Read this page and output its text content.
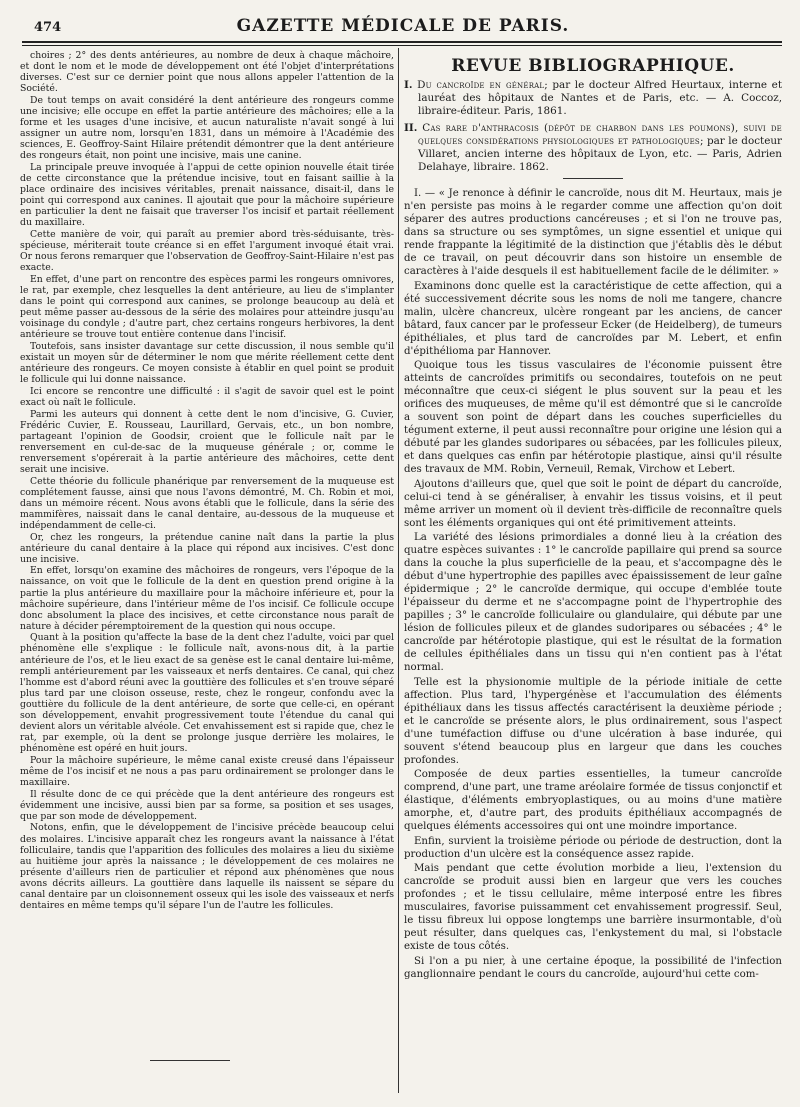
474	GAZETTE MÉDICALE DE PARIS.

choires ; 2° des dents antérieures, au nombre de deux à chaque mâchoire, et dont le nom et le mode de développement ont été l'objet d'interprétations diverses. C'est sur ce dernier point que nous allons appeler l'attention de la Société.

De tout temps on avait considéré la dent antérieure des rongeurs comme une incisive; elle occupe en effet la partie antérieure des mâchoires; elle a la forme et les usages d'une incisive, et aucun naturaliste n'avait songé à lui assigner un autre nom, lorsqu'en 1831, dans un mémoire à l'Académie des sciences, E. Geoffroy-Saint Hilaire prétendit démontrer que la dent antérieure des rongeurs était, non point une incisive, mais une canine.

La principale preuve invoquée à l'appui de cette opinion nouvelle était tirée de cette circonstance que la prétendue incisive, tout en faisant saillie à la place ordinaire des incisives véritables, prenait naissance, disait-il, dans le point qui correspond aux canines. Il ajoutait que pour la mâchoire supérieure en particulier la dent ne faisait que traverser l'os incisif et partait réellement du maxillaire.

Cette manière de voir, qui paraît au premier abord très-séduisante, très-spécieuse, mériterait toute créance si en effet l'argument invoqué était vrai. Or nous ferons remarquer que l'observation de Geoffroy-Saint-Hilaire n'est pas exacte.

En effet, d'une part on rencontre des espèces parmi les rongeurs omnivores, le rat, par exemple, chez lesquelles la dent antérieure, au lieu de s'implanter dans le point qui correspond aux canines, se prolonge beaucoup au delà et peut même passer au-dessous de la série des molaires pour atteindre jusqu'au voisinage du condyle ; d'autre part, chez certains rongeurs herbivores, la dent antérieure se trouve tout entière contenue dans l'incisif.

Toutefois, sans insister davantage sur cette discussion, il nous semble qu'il existait un moyen sûr de déterminer le nom que mérite réellement cette dent antérieure des rongeurs. Ce moyen consiste à établir en quel point se produit le follicule qui lui donne naissance.

Ici encore se rencontre une difficulté : il s'agit de savoir quel est le point exact où naît le follicule.

Parmi les auteurs qui donnent à cette dent le nom d'incisive, G. Cuvier, Frédéric Cuvier, E. Rousseau, Laurillard, Gervais, etc., un bon nombre, partageant l'opinion de Goodsir, croient que le follicule naît par le renversement en cul-de-sac de la muqueuse générale ; or, comme le renversement s'opérerait à la partie antérieure des mâchoires, cette dent serait une incisive.

Cette théorie du follicule phanérique par renversement de la muqueuse est complétement fausse, ainsi que nous l'avons démontré, M. Ch. Robin et moi, dans un mémoire récent. Nous avons établi que le follicule, dans la série des mammifères, naissait dans le canal dentaire, au-dessous de la muqueuse et indépendamment de celle-ci.

Or, chez les rongeurs, la prétendue canine naît dans la partie la plus antérieure du canal dentaire à la place qui répond aux incisives. C'est donc une incisive.

En effet, lorsqu'on examine des mâchoires de rongeurs, vers l'époque de la naissance, on voit que le follicule de la dent en question prend origine à la partie la plus antérieure du maxillaire pour la mâchoire inférieure et, pour la mâchoire supérieure, dans l'intérieur même de l'os incisif. Ce follicule occupe donc absolument la place des incisives, et cette circonstance nous paraît de nature à décider péremptoirement de la question qui nous occupe.

Quant à la position qu'affecte la base de la dent chez l'adulte, voici par quel phénomène elle s'explique : le follicule naît, avons-nous dit, à la partie antérieure de l'os, et le lieu exact de sa genèse est le canal dentaire lui-même, rempli antérieurement par les vaisseaux et nerfs dentaires. Ce canal, qui chez l'homme est d'abord réuni avec la gouttière des follicules et s'en trouve séparé plus tard par une cloison osseuse, reste, chez le rongeur, confondu avec la gouttière du follicule de la dent antérieure, de sorte que celle-ci, en opérant son développement, envahit progressivement toute l'étendue du canal qui devient alors un véritable alvéole. Cet envahissement est si rapide que, chez le rat, par exemple, où la dent se prolonge jusque derrière les molaires, le phénomène est opéré en huit jours.

Pour la mâchoire supérieure, le même canal existe creusé dans l'épaisseur même de l'os incisif et ne nous a pas paru ordinairement se prolonger dans le maxillaire.

Il résulte donc de ce qui précède que la dent antérieure des rongeurs est évidemment une incisive, aussi bien par sa forme, sa position et ses usages, que par son mode de développement.

Notons, enfin, que le développement de l'incisive précède beaucoup celui des molaires. L'incisive apparaît chez les rongeurs avant la naissance à l'état folliculaire, tandis que l'apparition des follicules des molaires a lieu du sixième au huitième jour après la naissance ; le développement de ces molaires ne présente d'ailleurs rien de particulier et répond aux phénomènes que nous avons décrits ailleurs. La gouttière dans laquelle ils naissent se sépare du canal dentaire par un cloisonnement osseux qui les isole des vaisseaux et nerfs dentaires en même temps qu'il sépare l'un de l'autre les follicules.

REVUE BIBLIOGRAPHIQUE.
I. Du cancroïde en général; par le docteur Alfred Heurtaux, interne et lauréat des hôpitaux de Nantes et de Paris, etc. — A. Coccoz, libraire-éditeur. Paris, 1861.
II. Cas rare d'anthracosis (dépôt de charbon dans les poumons), suivi de quelques considérations physiologiques et pathologiques; par le docteur Villaret, ancien interne des hôpitaux de Lyon, etc. — Paris, Adrien Delahaye, libraire. 1862.

I. — « Je renonce à définir le cancroïde, nous dit M. Heurtaux, mais je n'en persiste pas moins à le regarder comme une affection qu'on doit séparer des autres productions cancéreuses ; et si l'on ne trouve pas, dans sa structure ou ses symptômes, un signe essentiel et unique qui rende frappante la légitimité de la distinction que j'établis dès le début de ce travail, on peut découvrir dans son histoire un ensemble de caractères à l'aide desquels il est habituellement facile de le délimiter. »

Examinons donc quelle est la caractéristique de cette affection, qui a été successivement décrite sous les noms de noli me tangere, chancre malin, ulcère chancreux, ulcère rongeant par les anciens, de cancer bâtard, faux cancer par le professeur Ecker (de Heidelberg), de tumeurs épithéliales, et plus tard de cancroïdes par M. Lebert, et enfin d'épithélioma par Hannover.

Quoique tous les tissus vasculaires de l'économie puissent être atteints de cancroïdes primitifs ou secondaires, toutefois on ne peut méconnaître que ceux-ci siégent le plus souvent sur la peau et les orifices des muqueuses, de même qu'il est démontré que si le cancroïde a souvent son point de départ dans les couches superficielles du tégument externe, il peut aussi reconnaître pour origine une lésion qui a débuté par les glandes sudoripares ou sébacées, par les follicules pileux, et dans quelques cas enfin par hétérotopie plastique, ainsi qu'il résulte des travaux de MM. Robin, Verneuil, Remak, Virchow et Lebert.

Ajoutons d'ailleurs que, quel que soit le point de départ du cancroïde, celui-ci tend à se généraliser, à envahir les tissus voisins, et il peut même arriver un moment où il devient très-difficile de reconnaître quels sont les éléments organiques qui ont été primitivement atteints.

La variété des lésions primordiales a donné lieu à la création des quatre espèces suivantes : 1° le cancroïde papillaire qui prend sa source dans la couche la plus superficielle de la peau, et s'accompagne dès le début d'une hypertrophie des papilles avec épaississement de leur gaîne épidermique ; 2° le cancroïde dermique, qui occupe d'emblée toute l'épaisseur du derme et ne s'accompagne point de l'hypertrophie des papilles ; 3° le cancroïde folliculaire ou glandulaire, qui débute par une lésion de follicules pileux et de glandes sudoripares ou sébacées ; 4° le cancroïde par hétérotopie plastique, qui est le résultat de la formation de cellules épithéliales dans un tissu qui n'en contient pas à l'état normal.

Telle est la physionomie multiple de la période initiale de cette affection. Plus tard, l'hypergénèse et l'accumulation des éléments épithéliaux dans les tissus affectés caractérisent la deuxième période ; et le cancroïde se présente alors, le plus ordinairement, sous l'aspect d'une tuméfaction diffuse ou d'une ulcération à base indurée, qui souvent s'étend beaucoup plus en largeur que dans les couches profondes.

Composée de deux parties essentielles, la tumeur cancroïde comprend, d'une part, une trame aréolaire formée de tissus conjonctif et élastique, d'éléments embryoplastiques, ou au moins d'une matière amorphe, et, d'autre part, des produits épithéliaux accompagnés de quelques éléments accessoires qui ont une moindre importance.

Enfin, survient la troisième période ou période de destruction, dont la production d'un ulcère est la conséquence assez rapide.

Mais pendant que cette évolution morbide a lieu, l'extension du cancroïde se produit aussi bien en largeur que vers les couches profondes ; et le tissu cellulaire, même interposé entre les fibres musculaires, favorise puissamment cet envahissement progressif. Seul, le tissu fibreux lui oppose longtemps une barrière insurmontable, d'où peut résulter, dans quelques cas, l'enkystement du mal, si l'obstacle existe de tous côtés.

Si l'on a pu nier, à une certaine époque, la possibilité de l'infection ganglionnaire pendant le cours du cancroïde, aujourd'hui cette com-
